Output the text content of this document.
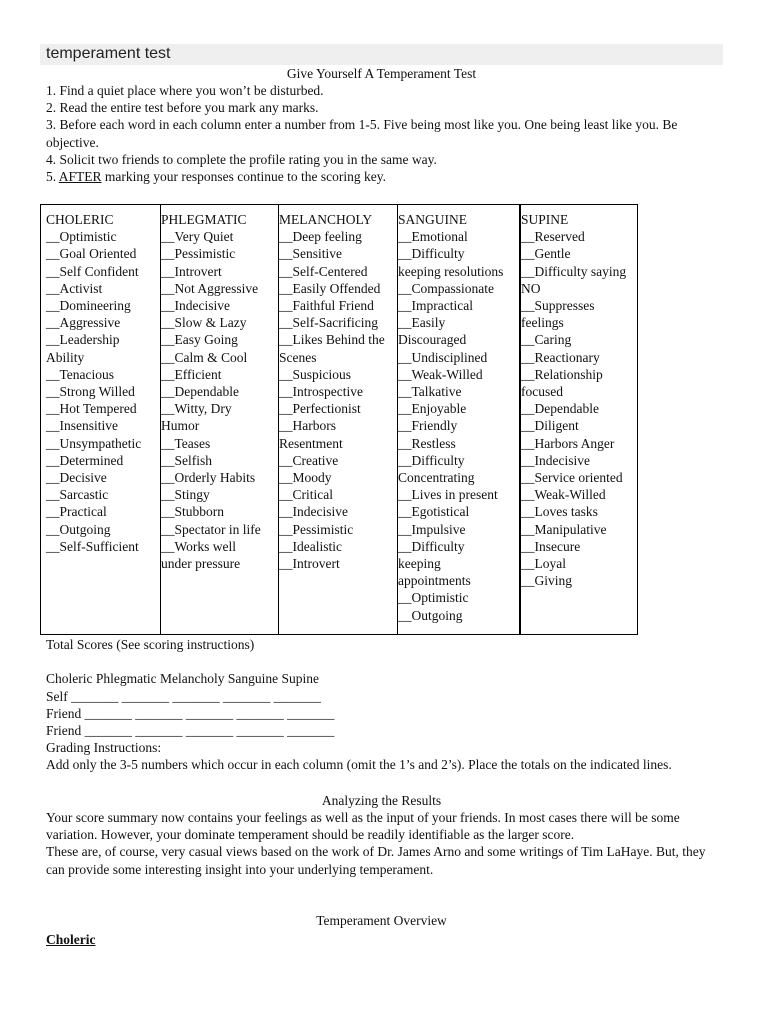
temperament test
Give Yourself A Temperament Test
1. Find a quiet place where you won’t be disturbed.
2. Read the entire test before you mark any marks.
3. Before each word in each column enter a number from 1-5. Five being most like you. One being least like you. Be objective.
4. Solicit two friends to complete the profile rating you in the same way.
5. AFTER marking your responses continue to the scoring key.
CHOLERIC
__Optimistic
__Goal Oriented
__Self Confident
__Activist
__Domineering
__Aggressive
__Leadership
Ability
__Tenacious
__Strong Willed
__Hot Tempered
__Insensitive
__Unsympathetic
__Determined
__Decisive
__Sarcastic
__Practical
__Outgoing
__Self-Sufficient
PHLEGMATIC
__Very Quiet
__Pessimistic
__Introvert
__Not Aggressive
__Indecisive
__Slow & Lazy
__Easy Going
__Calm & Cool
__Efficient
__Dependable
__Witty, Dry
Humor
__Teases
__Selfish
__Orderly Habits
__Stingy
__Stubborn
__Spectator in life
__Works well
under pressure
MELANCHOLY
__Deep feeling
__Sensitive
__Self-Centered
__Easily Offended
__Faithful Friend
__Self-Sacrificing
__Likes Behind the
Scenes
__Suspicious
__Introspective
__Perfectionist
__Harbors
Resentment
__Creative
__Moody
__Critical
__Indecisive
__Pessimistic
__Idealistic
__Introvert
SANGUINE
__Emotional
__Difficulty
keeping resolutions
__Compassionate
__Impractical
__Easily
Discouraged
__Undisciplined
__Weak-Willed
__Talkative
__Enjoyable
__Friendly
__Restless
__Difficulty
Concentrating
__Lives in present
__Egotistical
__Impulsive
__Difficulty
keeping
appointments
__Optimistic
__Outgoing
SUPINE
__Reserved
__Gentle
__Difficulty saying
NO
__Suppresses
feelings
__Caring
__Reactionary
__Relationship
focused
__Dependable
__Diligent
__Harbors Anger
__Indecisive
__Service oriented
__Weak-Willed
__Loves tasks
__Manipulative
__Insecure
__Loyal
__Giving
Total Scores (See scoring instructions)
Choleric Phlegmatic Melancholy Sanguine Supine
Self _______ _______ _______ _______ _______
Friend _______ _______ _______ _______ _______
Friend _______ _______ _______ _______ _______
Grading Instructions:
Add only the 3-5 numbers which occur in each column (omit the 1’s and 2’s). Place the totals on the indicated lines.
Analyzing the Results
Your score summary now contains your feelings as well as the input of your friends. In most cases there will be some variation. However, your dominate temperament should be readily identifiable as the larger score.
These are, of course, very casual views based on the work of Dr. James Arno and some writings of Tim LaHaye. But, they can provide some interesting insight into your underlying temperament.
Temperament Overview
Choleric
